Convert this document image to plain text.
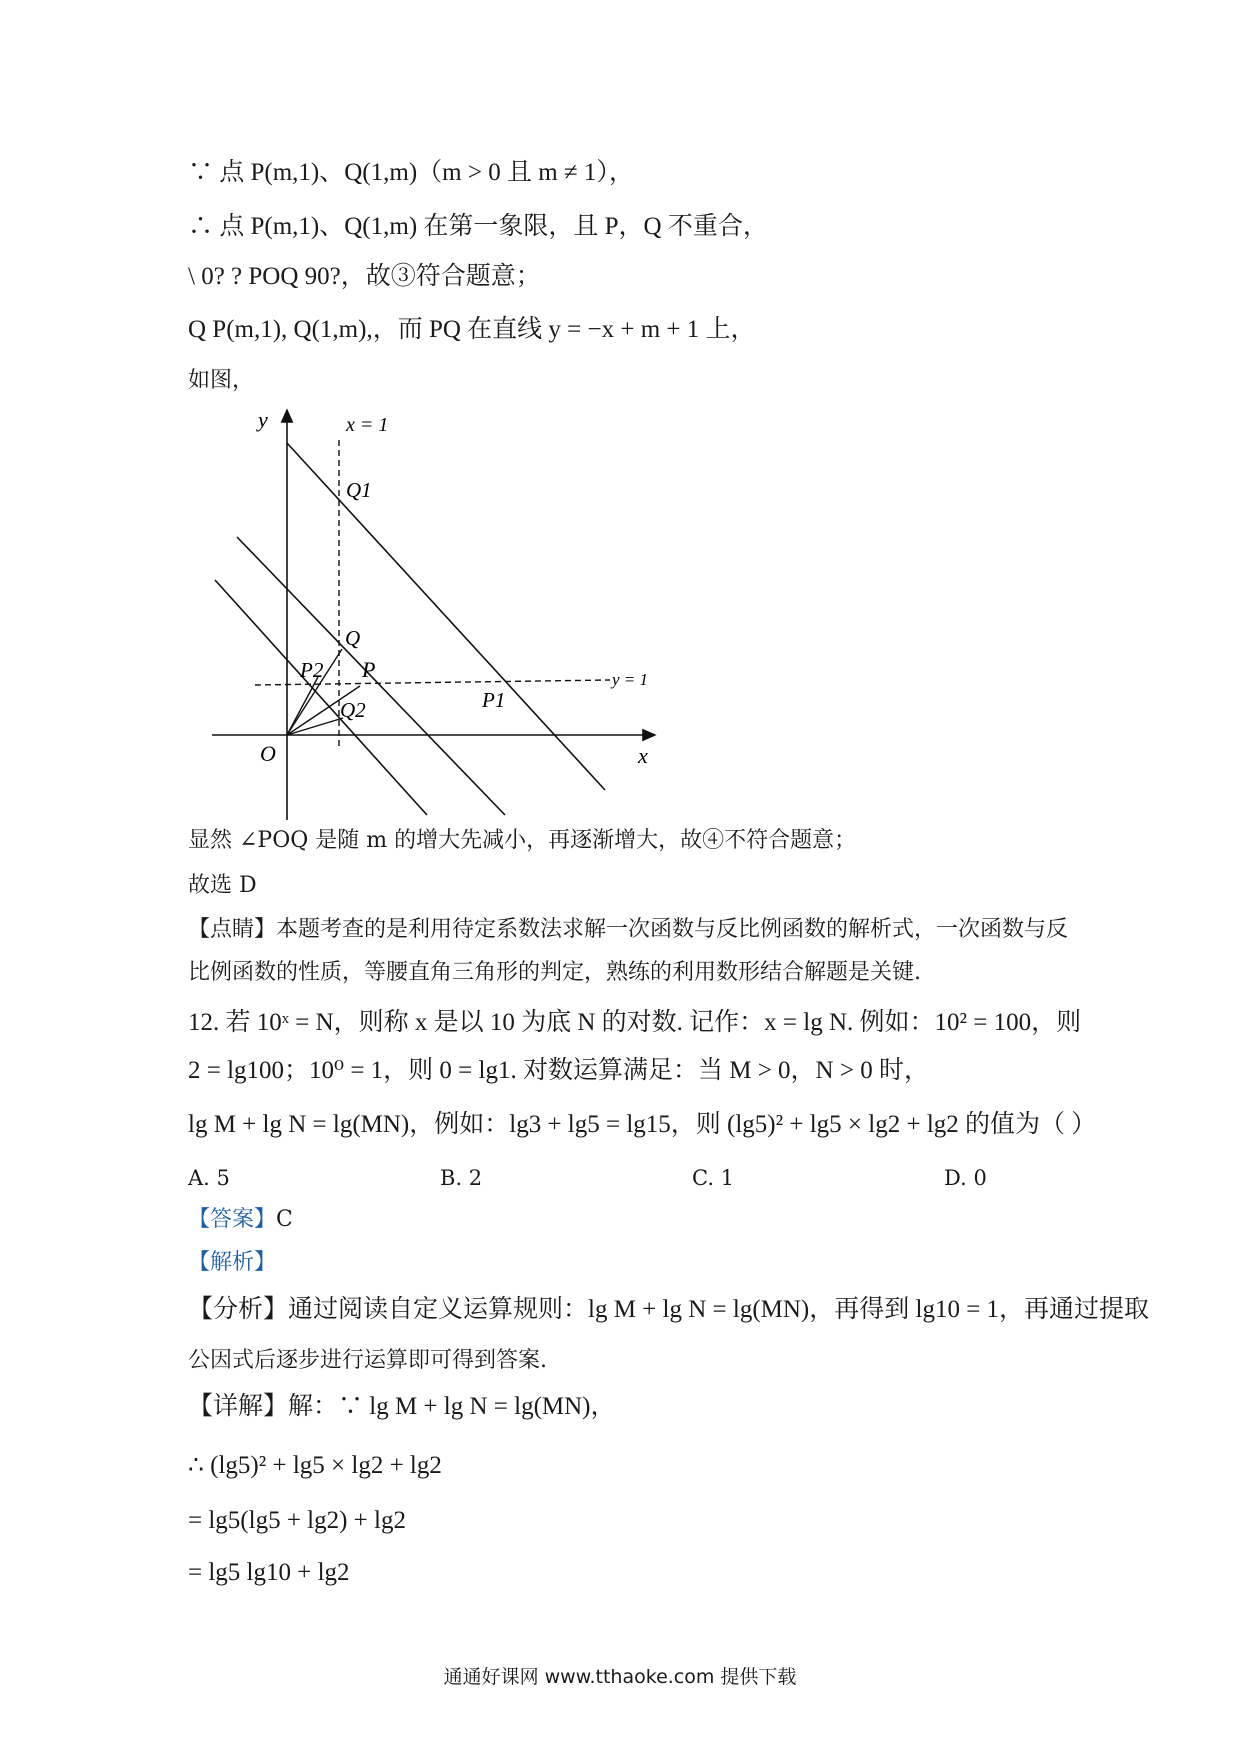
∵ 点 P(m,1)、Q(1,m)（m > 0 且 m ≠ 1），
∴ 点 P(m,1)、Q(1,m) 在第一象限，且 P，Q 不重合，
\ 0? ? POQ 90?，故③符合题意；
Q P(m,1), Q(1,m),，而 PQ 在直线 y = −x + m + 1 上，
如图，
y
x
O
x = 1
y = 1
Q1
Q
P2 P
Q2	P1
显然 ∠POQ 是随 m 的增大先减小，再逐渐增大，故④不符合题意；
故选 D
【点睛】本题考查的是利用待定系数法求解一次函数与反比例函数的解析式，一次函数与反
比例函数的性质，等腰直角三角形的判定，熟练的利用数形结合解题是关键.
12. 若 10ˣ = N，则称 x 是以 10 为底 N 的对数. 记作：x = lg N. 例如：10² = 100，则
2 = lg100；10⁰ = 1，则 0 = lg1. 对数运算满足：当 M > 0，N > 0 时，
lg M + lg N = lg(MN)，例如：lg3 + lg5 = lg15，则 (lg5)² + lg5 × lg2 + lg2 的值为（ ）
A. 5	B. 2	C. 1	D. 0
【答案】C
【解析】
【分析】通过阅读自定义运算规则：lg M + lg N = lg(MN)，再得到 lg10 = 1，再通过提取
公因式后逐步进行运算即可得到答案.
【详解】解：∵ lg M + lg N = lg(MN)，
∴ (lg5)² + lg5 × lg2 + lg2
= lg5(lg5 + lg2) + lg2
= lg5 lg10 + lg2
通通好课网 www.tthaoke.com 提供下载
